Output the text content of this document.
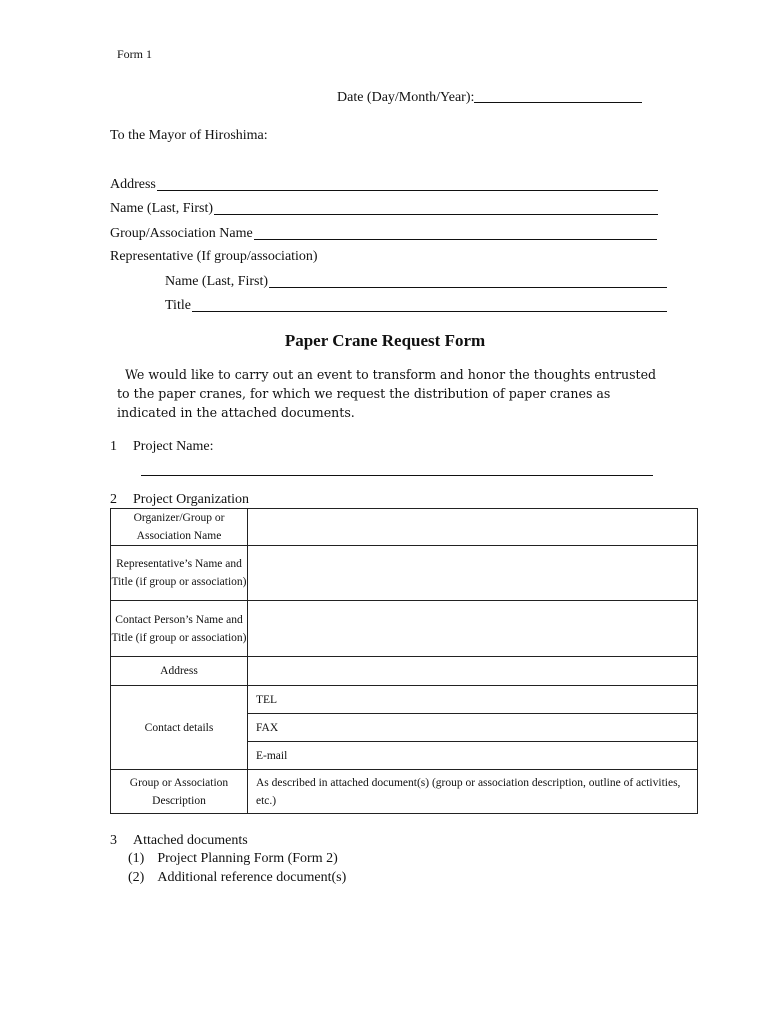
Form 1
Date (Day/Month/Year):
To the Mayor of Hiroshima:
Address
Name (Last, First)
Group/Association Name
Representative (If group/association)
Name (Last, First)
Title
Paper Crane Request Form
We would like to carry out an event to transform and honor the thoughts entrusted to the paper cranes, for which we request the distribution of paper cranes as indicated in the attached documents.
1 Project Name:
2 Project Organization
Organizer/Group or Association Name	
Representative’s Name and Title (if group or association)	
Contact Person’s Name and Title (if group or association)	
Address	
Contact details	TEL
	FAX
	E-mail
Group or Association Description	As described in attached document(s) (group or association description, outline of activities, etc.)
3 Attached documents
(1) Project Planning Form (Form 2)
(2) Additional reference document(s)
